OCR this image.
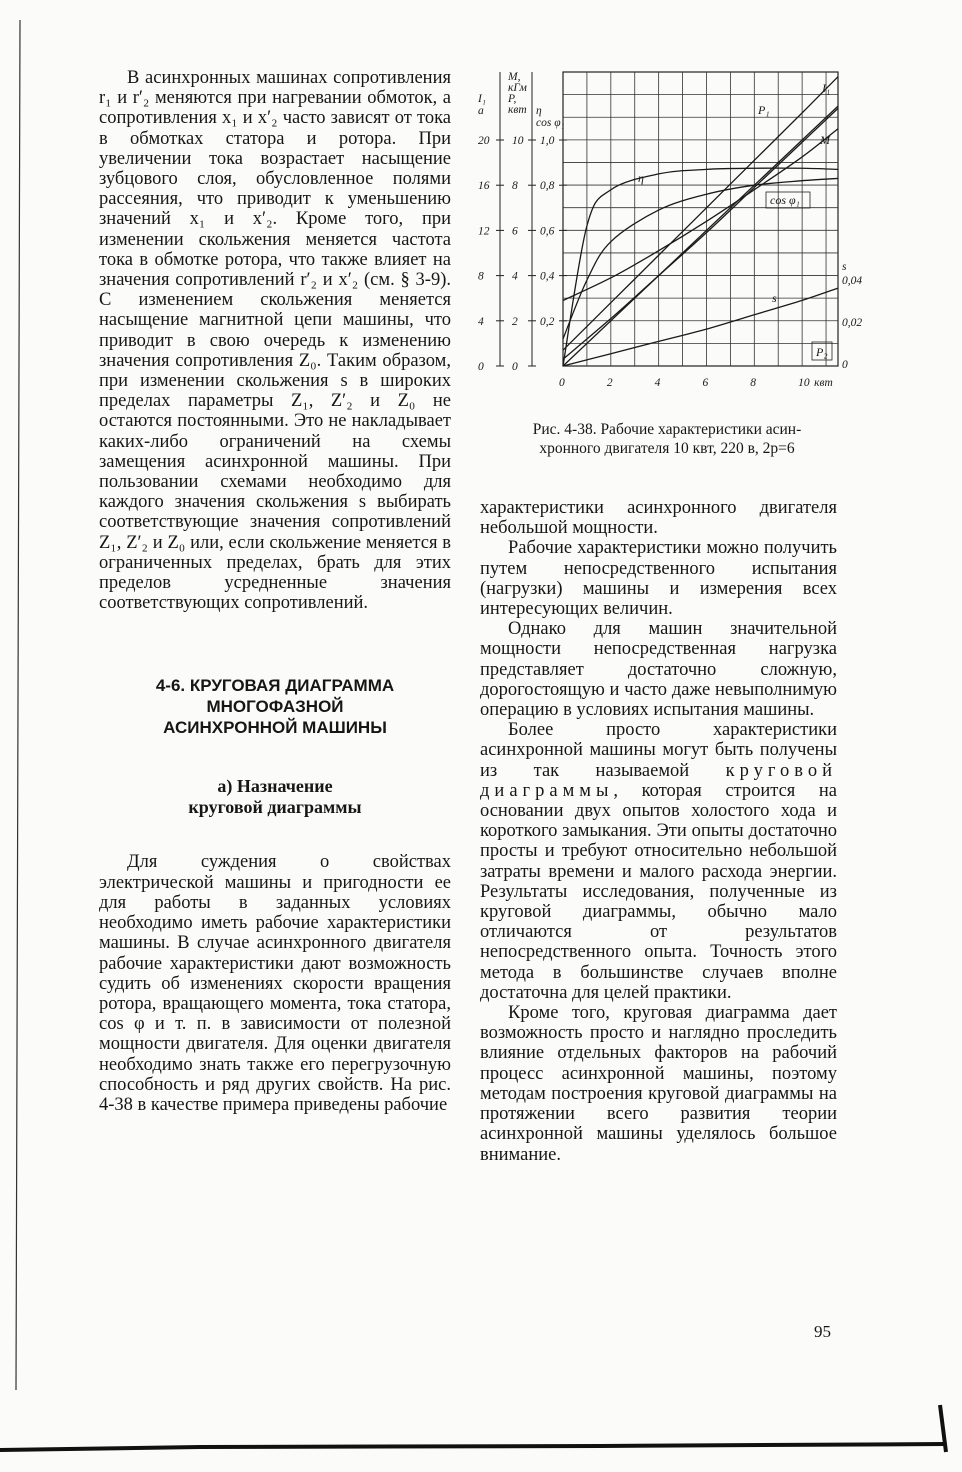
В асинхронных машинах сопротивления r₁ и r′₂ меняются при нагревании обмоток, а сопротивления x₁ и x′₂ часто зависят от тока в обмотках статора и ротора. При увеличении тока возрастает насыщение зубцового слоя, обусловленное полями рассеяния, что приводит к уменьшению значений x₁ и x′₂. Кроме того, при изменении скольжения меняется частота тока в обмотке ротора, что также влияет на значения сопротивлений r′₂ и x′₂ (см. § 3-9). С изменением скольжения меняется насыщение магнитной цепи машины, что приводит в свою очередь к изменению значения сопротивления Z₀. Таким образом, при изменении скольжения s в широких пределах параметры Z₁, Z′₂ и Z₀ не остаются постоянными. Это не накладывает каких-либо ограничений на схемы замещения асинхронной машины. При пользовании схемами необходимо для каждого значения скольжения s выбирать соответствующие значения сопротивлений Z₁, Z′₂ и Z₀ или, если скольжение меняется в ограниченных пределах, брать для этих пределов усредненные значения соответствующих сопротивлений.

4-6. КРУГОВАЯ ДИАГРАММА

МНОГОФАЗНОЙ

АСИНХРОННОЙ МАШИНЫ

а) Назначение

круговой диаграммы

Для суждения о свойствах электрической машины и пригодности ее для работы в заданных условиях необходимо иметь рабочие характеристики машины. В случае асинхронного двигателя рабочие характеристики дают возможность судить об изменениях скорости вращения ротора, вращающего момента, тока статора, cos φ и т. п. в зависимости от полезной мощности двигателя. Для оценки двигателя необходимо знать также его перегрузочную способность и ряд других свойств. На рис. 4-38 в качестве примера приведены рабочие

I₁
а
M,
кГм
P,
квт η
cos φ₁
s
20
16
12
8
4
0
10
8
6
4
2
0
1,0
0,8
0,6
0,4
0,2
0,04
0,02
0
0	2	4	6	8	10 квт
I₁
P₁
M
η
cos φ₁
s
P₂
Рис. 4-38. Рабочие характеристики асин-
хронного двигателя 10 квт, 220 в, 2p=6

характеристики асинхронного двигателя небольшой мощности.

Рабочие характеристики можно получить путем непосредственного испытания (нагрузки) машины и измерения всех интересующих величин.

Однако для машин значительной мощности непосредственная нагрузка представляет достаточно сложную, дорогостоящую и часто даже невыполнимую операцию в условиях испытания машины.

Более просто характеристики асинхронной машины могут быть получены из так называемой круговой диаграммы, которая строится на основании двух опытов холостого хода и короткого замыкания. Эти опыты достаточно просты и требуют относительно небольшой затраты времени и малого расхода энергии. Результаты исследования, полученные из круговой диаграммы, обычно мало отличаются от результатов непосредственного опыта. Точность этого метода в большинстве случаев вполне достаточна для целей практики.

Кроме того, круговая диаграмма дает возможность просто и наглядно проследить влияние отдельных факторов на рабочий процесс асинхронной машины, поэтому методам построения круговой диаграммы на протяжении всего развития теории асинхронной машины уделялось большое внимание.

95
